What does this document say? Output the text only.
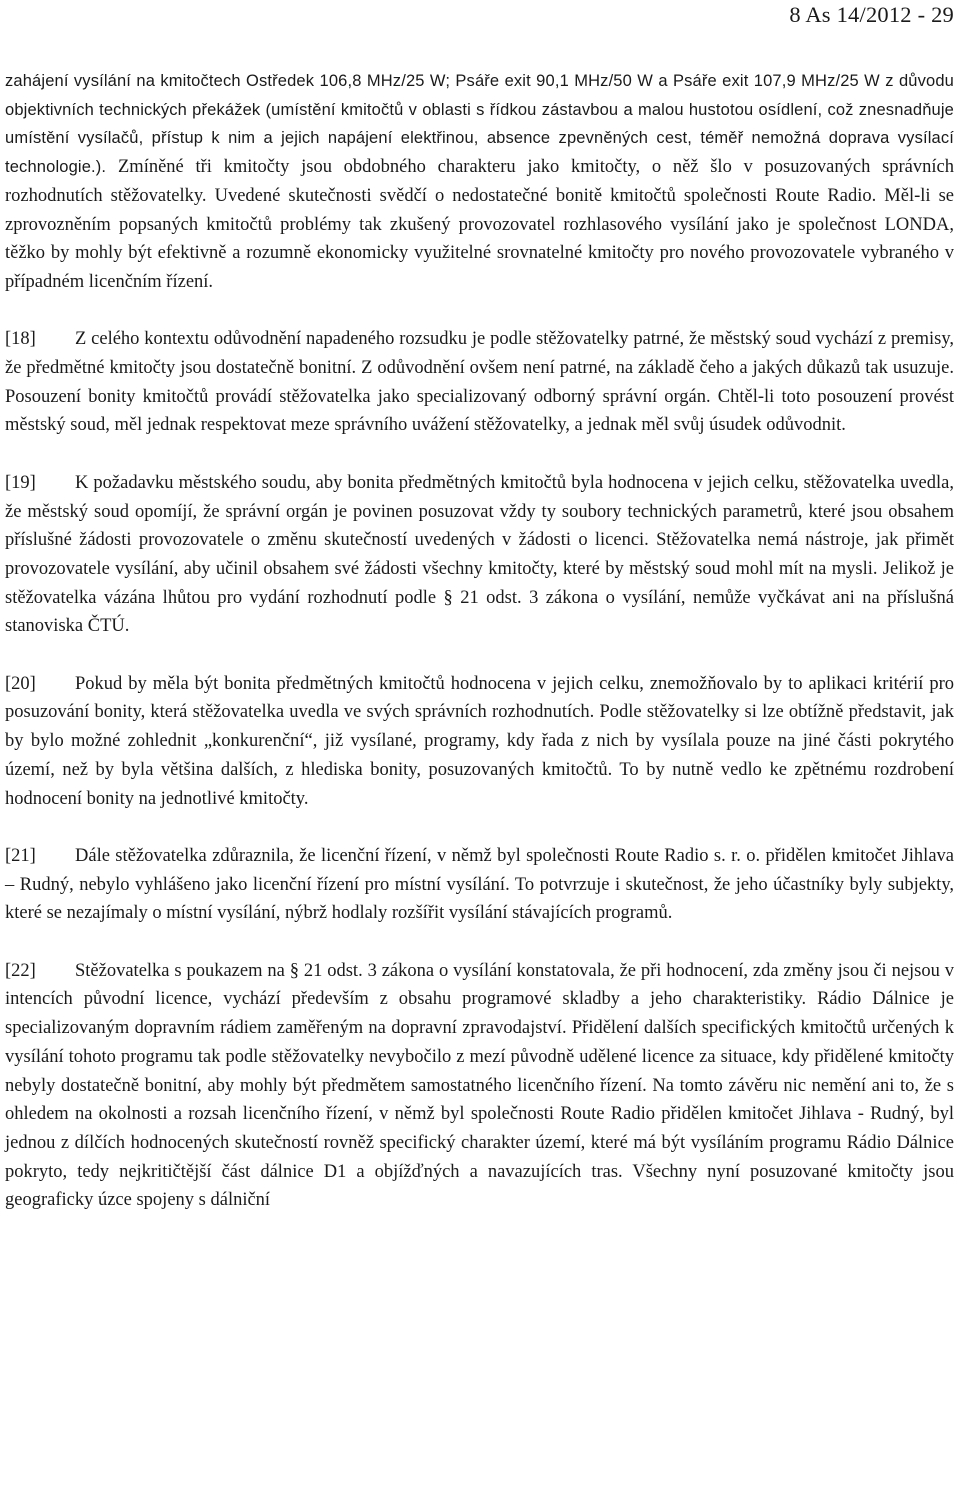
8 As 14/2012 - 29

zahájení vysílání na kmitočtech Ostředek 106,8 MHz/25 W; Psáře exit 90,1 MHz/50 W a Psáře exit 107,9 MHz/25 W z důvodu objektivních technických překážek (umístění kmitočtů v oblasti s řídkou zástavbou a malou hustotou osídlení, což znesnadňuje umístění vysílačů, přístup k nim a jejich napájení elektřinou, absence zpevněných cest, téměř nemožná doprava vysílací technologie.). Zmíněné tři kmitočty jsou obdobného charakteru jako kmitočty, o něž šlo v posuzovaných správních rozhodnutích stěžovatelky. Uvedené skutečnosti svědčí o nedostatečné bonitě kmitočtů společnosti Route Radio. Měl-li se zprovozněním popsaných kmitočtů problémy tak zkušený provozovatel rozhlasového vysílání jako je společnost LONDA, těžko by mohly být efektivně a rozumně ekonomicky využitelné srovnatelné kmitočty pro nového provozovatele vybraného v případném licenčním řízení.

[18] Z celého kontextu odůvodnění napadeného rozsudku je podle stěžovatelky patrné, že městský soud vychází z premisy, že předmětné kmitočty jsou dostatečně bonitní. Z odůvodnění ovšem není patrné, na základě čeho a jakých důkazů tak usuzuje. Posouzení bonity kmitočtů provádí stěžovatelka jako specializovaný odborný správní orgán. Chtěl-li toto posouzení provést městský soud, měl jednak respektovat meze správního uvážení stěžovatelky, a jednak měl svůj úsudek odůvodnit.

[19] K požadavku městského soudu, aby bonita předmětných kmitočtů byla hodnocena v jejich celku, stěžovatelka uvedla, že městský soud opomíjí, že správní orgán je povinen posuzovat vždy ty soubory technických parametrů, které jsou obsahem příslušné žádosti provozovatele o změnu skutečností uvedených v žádosti o licenci. Stěžovatelka nemá nástroje, jak přimět provozovatele vysílání, aby učinil obsahem své žádosti všechny kmitočty, které by městský soud mohl mít na mysli. Jelikož je stěžovatelka vázána lhůtou pro vydání rozhodnutí podle § 21 odst. 3 zákona o vysílání, nemůže vyčkávat ani na příslušná stanoviska ČTÚ.

[20] Pokud by měla být bonita předmětných kmitočtů hodnocena v jejich celku, znemožňovalo by to aplikaci kritérií pro posuzování bonity, která stěžovatelka uvedla ve svých správních rozhodnutích. Podle stěžovatelky si lze obtížně představit, jak by bylo možné zohlednit „konkurenční“, již vysílané, programy, kdy řada z nich by vysílala pouze na jiné části pokrytého území, než by byla většina dalších, z hlediska bonity, posuzovaných kmitočtů. To by nutně vedlo ke zpětnému rozdrobení hodnocení bonity na jednotlivé kmitočty.

[21] Dále stěžovatelka zdůraznila, že licenční řízení, v němž byl společnosti Route Radio s. r. o. přidělen kmitočet Jihlava – Rudný, nebylo vyhlášeno jako licenční řízení pro místní vysílání. To potvrzuje i skutečnost, že jeho účastníky byly subjekty, které se nezajímaly o místní vysílání, nýbrž hodlaly rozšířit vysílání stávajících programů.

[22] Stěžovatelka s poukazem na § 21 odst. 3 zákona o vysílání konstatovala, že při hodnocení, zda změny jsou či nejsou v intencích původní licence, vychází především z obsahu programové skladby a jeho charakteristiky. Rádio Dálnice je specializovaným dopravním rádiem zaměřeným na dopravní zpravodajství. Přidělení dalších specifických kmitočtů určených k vysílání tohoto programu tak podle stěžovatelky nevybočilo z mezí původně udělené licence za situace, kdy přidělené kmitočty nebyly dostatečně bonitní, aby mohly být předmětem samostatného licenčního řízení. Na tomto závěru nic nemění ani to, že s ohledem na okolnosti a rozsah licenčního řízení, v němž byl společnosti Route Radio přidělen kmitočet Jihlava - Rudný, byl jednou z dílčích hodnocených skutečností rovněž specifický charakter území, které má být vysíláním programu Rádio Dálnice pokryto, tedy nejkritičtější část dálnice D1 a objížďných a navazujících tras. Všechny nyní posuzované kmitočty jsou geograficky úzce spojeny s dálniční
